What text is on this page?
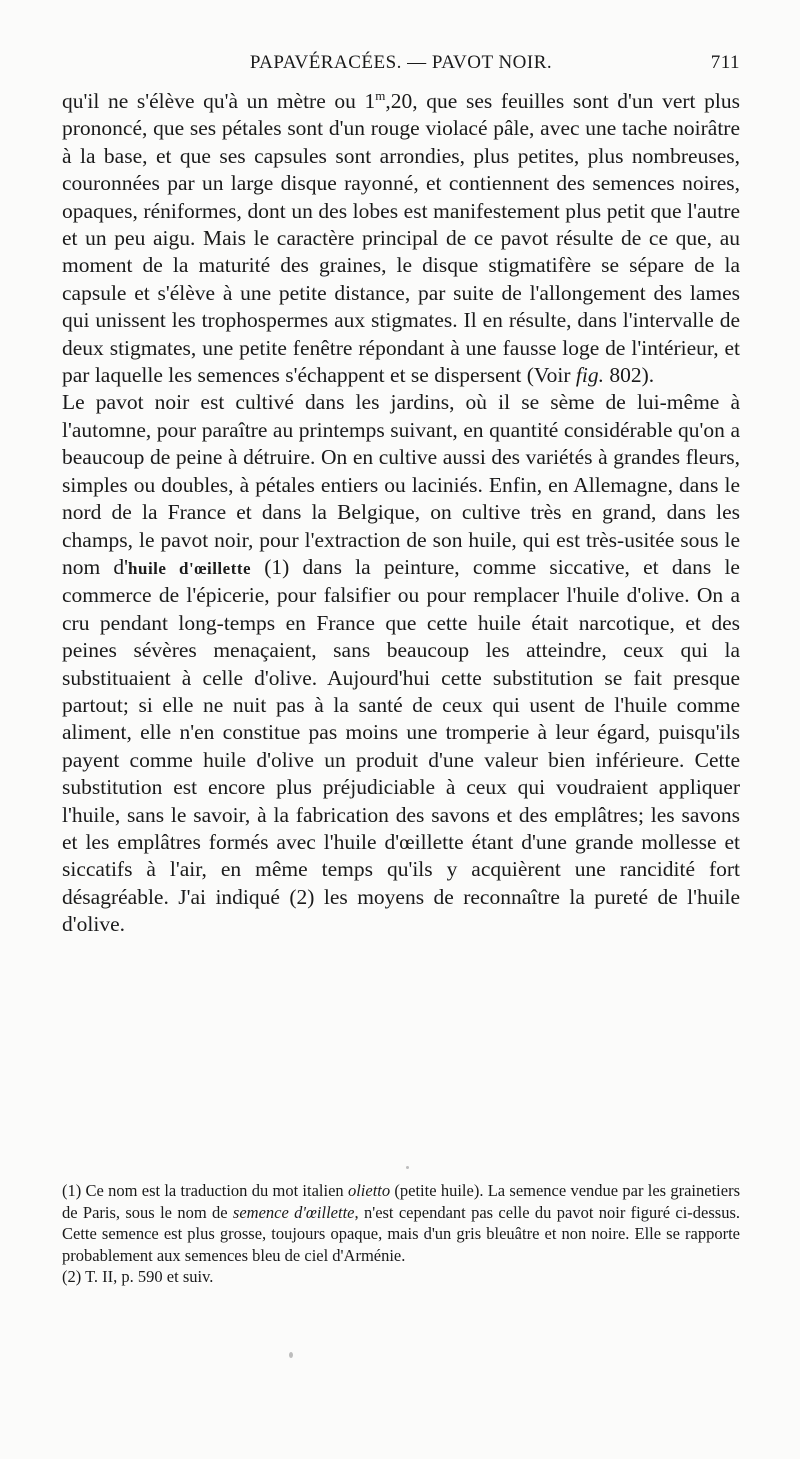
PAPAVÉRACÉES. — PAVOT NOIR.	711

qu'il ne s'élève qu'à un mètre ou 1$^m$,20, que ses feuilles sont d'un vert plus prononcé, que ses pétales sont d'un rouge violacé pâle, avec une tache noirâtre à la base, et que ses capsules sont arrondies, plus petites, plus nombreuses, couronnées par un large disque rayonné, et contiennent des semences noires, opaques, réniformes, dont un des lobes est manifestement plus petit que l'autre et un peu aigu. Mais le caractère principal de ce pavot résulte de ce que, au moment de la maturité des graines, le disque stigmatifère se sépare de la capsule et s'élève à une petite distance, par suite de l'allongement des lames qui unissent les trophospermes aux stigmates. Il en résulte, dans l'intervalle de deux stigmates, une petite fenêtre répondant à une fausse loge de l'intérieur, et par laquelle les semences s'échappent et se dispersent (Voir fig. 802).

Le pavot noir est cultivé dans les jardins, où il se sème de lui-même à l'automne, pour paraître au printemps suivant, en quantité considérable qu'on a beaucoup de peine à détruire. On en cultive aussi des variétés à grandes fleurs, simples ou doubles, à pétales entiers ou laciniés. Enfin, en Allemagne, dans le nord de la France et dans la Belgique, on cultive très en grand, dans les champs, le pavot noir, pour l'extraction de son huile, qui est très-usitée sous le nom d'huile d'œillette (1) dans la peinture, comme siccative, et dans le commerce de l'épicerie, pour falsifier ou pour remplacer l'huile d'olive. On a cru pendant long-temps en France que cette huile était narcotique, et des peines sévères menaçaient, sans beaucoup les atteindre, ceux qui la substituaient à celle d'olive. Aujourd'hui cette substitution se fait presque partout; si elle ne nuit pas à la santé de ceux qui usent de l'huile comme aliment, elle n'en constitue pas moins une tromperie à leur égard, puisqu'ils payent comme huile d'olive un produit d'une valeur bien inférieure. Cette substitution est encore plus préjudiciable à ceux qui voudraient appliquer l'huile, sans le savoir, à la fabrication des savons et des emplâtres; les savons et les emplâtres formés avec l'huile d'œillette étant d'une grande mollesse et siccatifs à l'air, en même temps qu'ils y acquièrent une rancidité fort désagréable. J'ai indiqué (2) les moyens de reconnaître la pureté de l'huile d'olive.

(1) Ce nom est la traduction du mot italien olietto (petite huile). La semence vendue par les grainetiers de Paris, sous le nom de semence d'œillette, n'est cependant pas celle du pavot noir figuré ci-dessus. Cette semence est plus grosse, toujours opaque, mais d'un gris bleuâtre et non noire. Elle se rapporte probablement aux semences bleu de ciel d'Arménie.

(2) T. II, p. 590 et suiv.
